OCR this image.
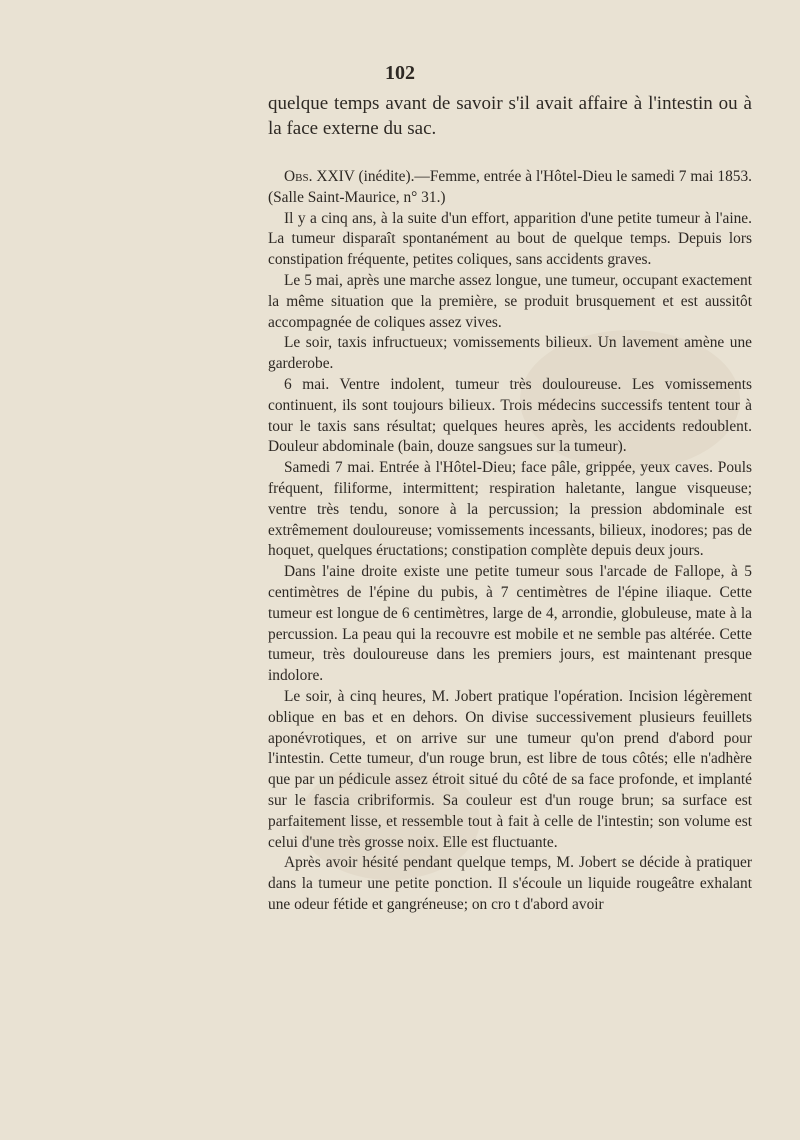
102

quelque temps avant de savoir s'il avait affaire à l'intestin ou à la face externe du sac.

Obs. XXIV (inédite).—Femme, entrée à l'Hôtel-Dieu le samedi 7 mai 1853. (Salle Saint-Maurice, n° 31.)

Il y a cinq ans, à la suite d'un effort, apparition d'une petite tumeur à l'aine. La tumeur disparaît spontanément au bout de quelque temps. Depuis lors constipation fréquente, petites coliques, sans accidents graves.

Le 5 mai, après une marche assez longue, une tumeur, occupant exactement la même situation que la première, se produit brusquement et est aussitôt accompagnée de coliques assez vives.

Le soir, taxis infructueux; vomissements bilieux. Un lavement amène une garderobe.

6 mai. Ventre indolent, tumeur très douloureuse. Les vomissements continuent, ils sont toujours bilieux. Trois médecins successifs tentent tour à tour le taxis sans résultat; quelques heures après, les accidents redoublent. Douleur abdominale (bain, douze sangsues sur la tumeur).

Samedi 7 mai. Entrée à l'Hôtel-Dieu; face pâle, grippée, yeux caves. Pouls fréquent, filiforme, intermittent; respiration haletante, langue visqueuse; ventre très tendu, sonore à la percussion; la pression abdominale est extrêmement douloureuse; vomissements incessants, bilieux, inodores; pas de hoquet, quelques éructations; constipation complète depuis deux jours.

Dans l'aine droite existe une petite tumeur sous l'arcade de Fallope, à 5 centimètres de l'épine du pubis, à 7 centimètres de l'épine iliaque. Cette tumeur est longue de 6 centimètres, large de 4, arrondie, globuleuse, mate à la percussion. La peau qui la recouvre est mobile et ne semble pas altérée. Cette tumeur, très douloureuse dans les premiers jours, est maintenant presque indolore.

Le soir, à cinq heures, M. Jobert pratique l'opération. Incision légèrement oblique en bas et en dehors. On divise successivement plusieurs feuillets aponévrotiques, et on arrive sur une tumeur qu'on prend d'abord pour l'intestin. Cette tumeur, d'un rouge brun, est libre de tous côtés; elle n'adhère que par un pédicule assez étroit situé du côté de sa face profonde, et implanté sur le fascia cribriformis. Sa couleur est d'un rouge brun; sa surface est parfaitement lisse, et ressemble tout à fait à celle de l'intestin; son volume est celui d'une très grosse noix. Elle est fluctuante.

Après avoir hésité pendant quelque temps, M. Jobert se décide à pratiquer dans la tumeur une petite ponction. Il s'écoule un liquide rougeâtre exhalant une odeur fétide et gangréneuse; on cro t d'abord avoir
